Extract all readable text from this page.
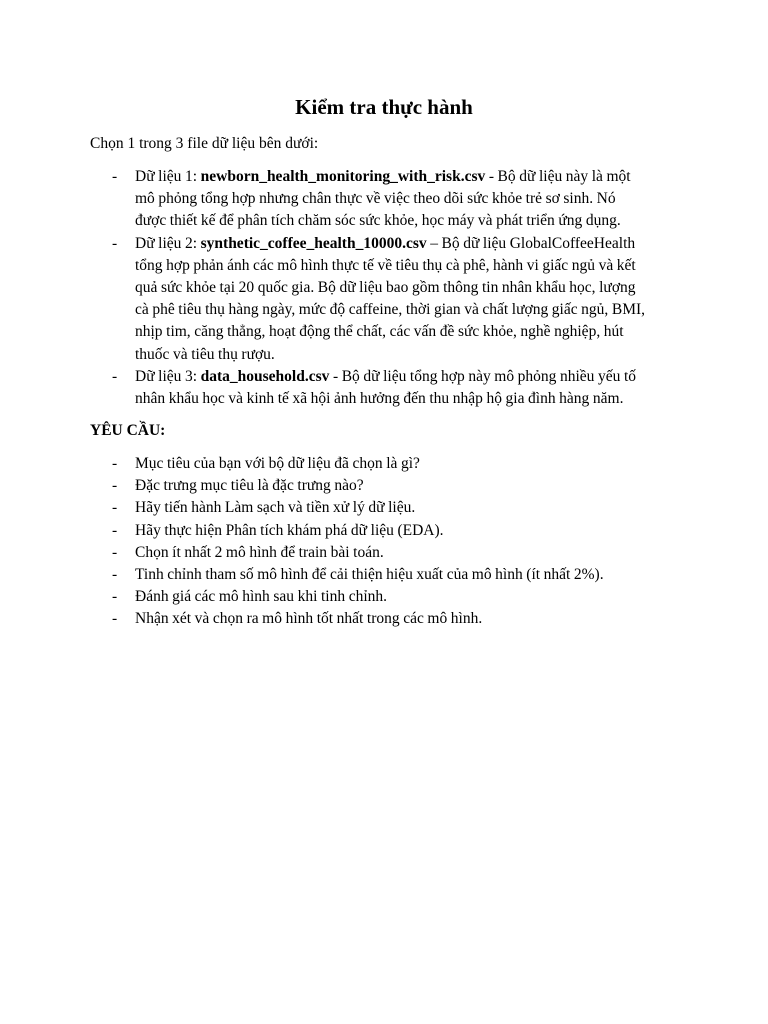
Kiểm tra thực hành
Chọn 1 trong 3 file dữ liệu bên dưới:
- Dữ liệu 1: newborn_health_monitoring_with_risk.csv - Bộ dữ liệu này là một
mô phỏng tổng hợp nhưng chân thực về việc theo dõi sức khỏe trẻ sơ sinh. Nó
được thiết kế để phân tích chăm sóc sức khỏe, học máy và phát triển ứng dụng.
- Dữ liệu 2: synthetic_coffee_health_10000.csv – Bộ dữ liệu GlobalCoffeeHealth
tổng hợp phản ánh các mô hình thực tế về tiêu thụ cà phê, hành vi giấc ngủ và kết
quả sức khỏe tại 20 quốc gia. Bộ dữ liệu bao gồm thông tin nhân khẩu học, lượng
cà phê tiêu thụ hàng ngày, mức độ caffeine, thời gian và chất lượng giấc ngủ, BMI,
nhịp tim, căng thẳng, hoạt động thể chất, các vấn đề sức khỏe, nghề nghiệp, hút
thuốc và tiêu thụ rượu.
- Dữ liệu 3: data_household.csv - Bộ dữ liệu tổng hợp này mô phỏng nhiều yếu tố
nhân khẩu học và kinh tế xã hội ảnh hưởng đến thu nhập hộ gia đình hàng năm.
YÊU CẦU:
- Mục tiêu của bạn với bộ dữ liệu đã chọn là gì?
- Đặc trưng mục tiêu là đặc trưng nào?
- Hãy tiến hành Làm sạch và tiền xử lý dữ liệu.
- Hãy thực hiện Phân tích khám phá dữ liệu (EDA).
- Chọn ít nhất 2 mô hình để train bài toán.
- Tinh chỉnh tham số mô hình để cải thiện hiệu xuất của mô hình (ít nhất 2%).
- Đánh giá các mô hình sau khi tinh chỉnh.
- Nhận xét và chọn ra mô hình tốt nhất trong các mô hình.
